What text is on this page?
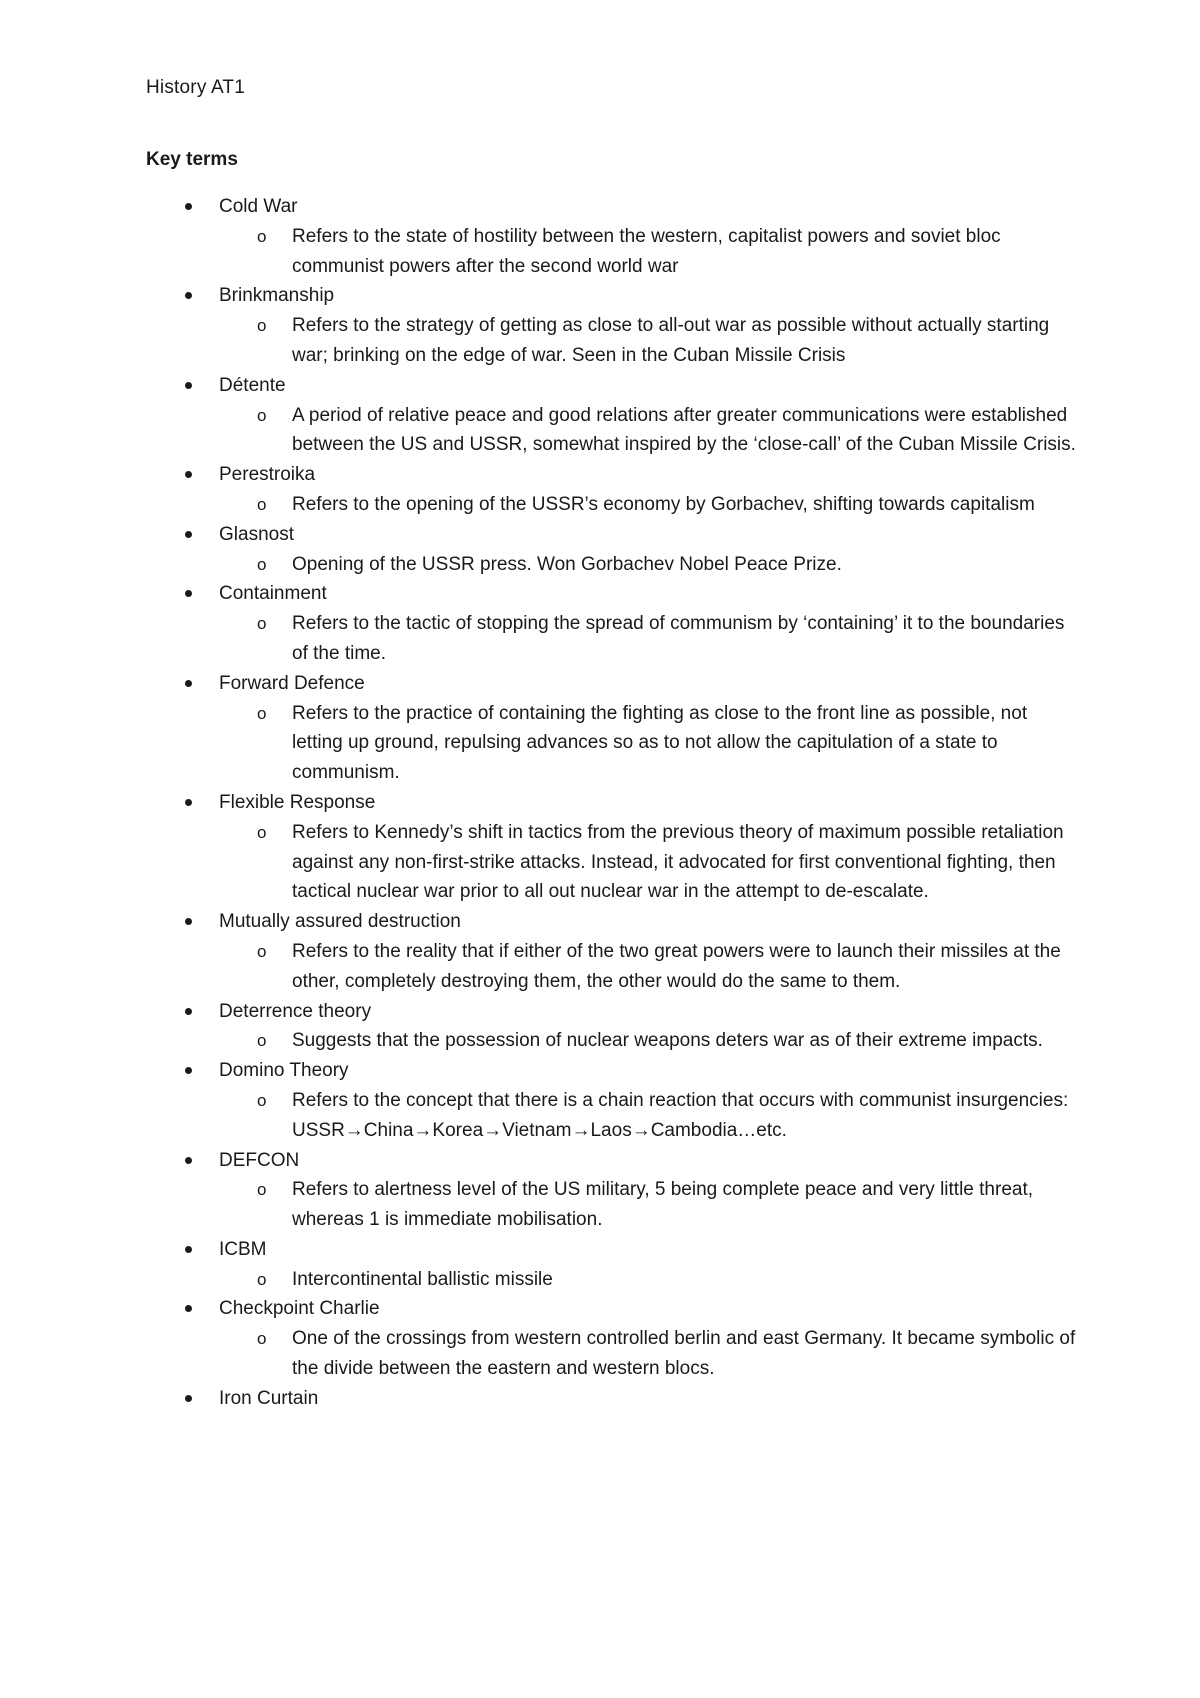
History AT1
Key terms
Cold War
o Refers to the state of hostility between the western, capitalist powers and soviet bloc communist powers after the second world war
Brinkmanship
o Refers to the strategy of getting as close to all-out war as possible without actually starting war; brinking on the edge of war. Seen in the Cuban Missile Crisis
Détente
o A period of relative peace and good relations after greater communications were established between the US and USSR, somewhat inspired by the ‘close-call’ of the Cuban Missile Crisis.
Perestroika
o Refers to the opening of the USSR’s economy by Gorbachev, shifting towards capitalism
Glasnost
o Opening of the USSR press. Won Gorbachev Nobel Peace Prize.
Containment
o Refers to the tactic of stopping the spread of communism by ‘containing’ it to the boundaries of the time.
Forward Defence
o Refers to the practice of containing the fighting as close to the front line as possible, not letting up ground, repulsing advances so as to not allow the capitulation of a state to communism.
Flexible Response
o Refers to Kennedy’s shift in tactics from the previous theory of maximum possible retaliation against any non-first-strike attacks. Instead, it advocated for first conventional fighting, then tactical nuclear war prior to all out nuclear war in the attempt to de-escalate.
Mutually assured destruction
o Refers to the reality that if either of the two great powers were to launch their missiles at the other, completely destroying them, the other would do the same to them.
Deterrence theory
o Suggests that the possession of nuclear weapons deters war as of their extreme impacts.
Domino Theory
o Refers to the concept that there is a chain reaction that occurs with communist insurgencies: USSR→China→Korea→Vietnam→Laos→Cambodia…etc.
DEFCON
o Refers to alertness level of the US military, 5 being complete peace and very little threat, whereas 1 is immediate mobilisation.
ICBM
o Intercontinental ballistic missile
Checkpoint Charlie
o One of the crossings from western controlled berlin and east Germany. It became symbolic of the divide between the eastern and western blocs.
Iron Curtain
